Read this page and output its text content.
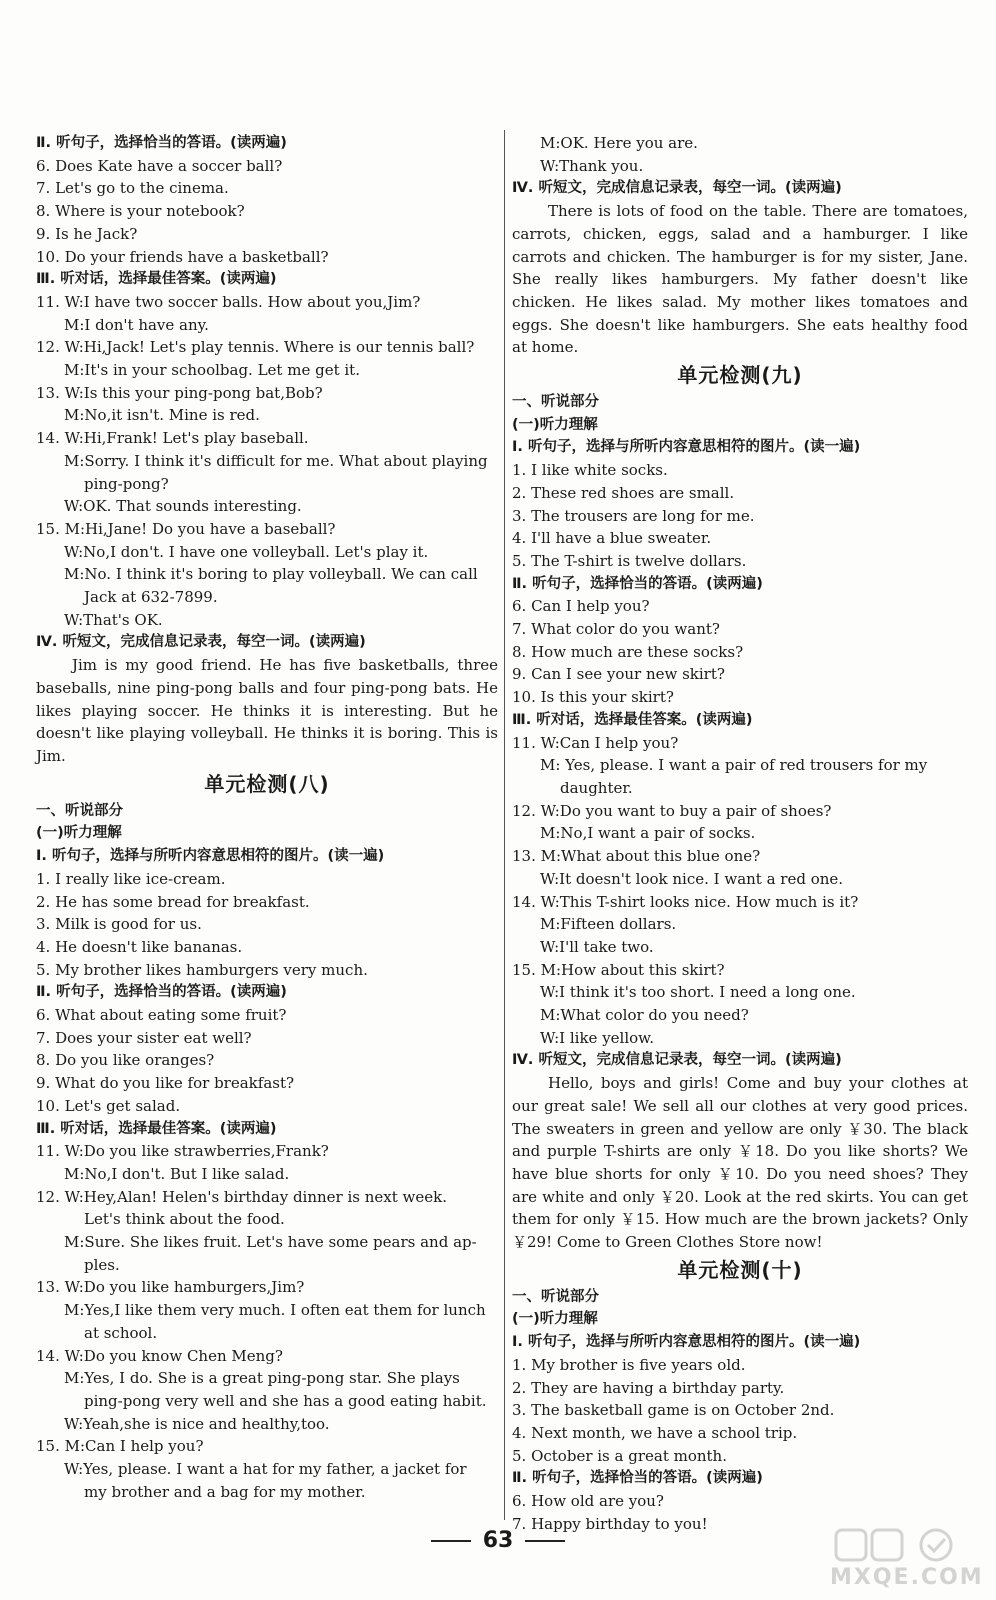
Ⅱ. 听句子，选择恰当的答语。(读两遍)
6. Does Kate have a soccer ball?
7. Let's go to the cinema.
8. Where is your notebook?
9. Is he Jack?
10. Do your friends have a basketball?
Ⅲ. 听对话，选择最佳答案。(读两遍)
11. W:I have two soccer balls. How about you,Jim?
M:I don't have any.
12. W:Hi,Jack! Let's play tennis. Where is our tennis ball?
M:It's in your schoolbag. Let me get it.
13. W:Is this your ping-pong bat,Bob?
M:No,it isn't. Mine is red.
14. W:Hi,Frank! Let's play baseball.
M:Sorry. I think it's difficult for me. What about playing
ping-pong?
W:OK. That sounds interesting.
15. M:Hi,Jane! Do you have a baseball?
W:No,I don't. I have one volleyball. Let's play it.
M:No. I think it's boring to play volleyball. We can call
Jack at 632-7899.
W:That's OK.
Ⅳ. 听短文，完成信息记录表，每空一词。(读两遍)
Jim is my good friend. He has five basketballs, three baseballs, nine ping-pong balls and four ping-pong bats. He likes playing soccer. He thinks it is interesting. But he doesn't like playing volleyball. He thinks it is boring. This is Jim.
单元检测(八)
一、听说部分
(一)听力理解
Ⅰ. 听句子，选择与所听内容意思相符的图片。(读一遍)
1. I really like ice-cream.
2. He has some bread for breakfast.
3. Milk is good for us.
4. He doesn't like bananas.
5. My brother likes hamburgers very much.
Ⅱ. 听句子，选择恰当的答语。(读两遍)
6. What about eating some fruit?
7. Does your sister eat well?
8. Do you like oranges?
9. What do you like for breakfast?
10. Let's get salad.
Ⅲ. 听对话，选择最佳答案。(读两遍)
11. W:Do you like strawberries,Frank?
M:No,I don't. But I like salad.
12. W:Hey,Alan! Helen's birthday dinner is next week.
Let's think about the food.
M:Sure. She likes fruit. Let's have some pears and ap-
ples.
13. W:Do you like hamburgers,Jim?
M:Yes,I like them very much. I often eat them for lunch
at school.
14. W:Do you know Chen Meng?
M:Yes, I do. She is a great ping-pong star. She plays
ping-pong very well and she has a good eating habit.
W:Yeah,she is nice and healthy,too.
15. M:Can I help you?
W:Yes, please. I want a hat for my father, a jacket for
my brother and a bag for my mother.
M:OK. Here you are.
W:Thank you.
Ⅳ. 听短文，完成信息记录表，每空一词。(读两遍)
There is lots of food on the table. There are tomatoes, carrots, chicken, eggs, salad and a hamburger. I like carrots and chicken. The hamburger is for my sister, Jane. She really likes hamburgers. My father doesn't like chicken. He likes salad. My mother likes tomatoes and eggs. She doesn't like hamburgers. She eats healthy food at home.
单元检测(九)
一、听说部分
(一)听力理解
Ⅰ. 听句子，选择与所听内容意思相符的图片。(读一遍)
1. I like white socks.
2. These red shoes are small.
3. The trousers are long for me.
4. I'll have a blue sweater.
5. The T-shirt is twelve dollars.
Ⅱ. 听句子，选择恰当的答语。(读两遍)
6. Can I help you?
7. What color do you want?
8. How much are these socks?
9. Can I see your new skirt?
10. Is this your skirt?
Ⅲ. 听对话，选择最佳答案。(读两遍)
11. W:Can I help you?
M: Yes, please. I want a pair of red trousers for my
daughter.
12. W:Do you want to buy a pair of shoes?
M:No,I want a pair of socks.
13. M:What about this blue one?
W:It doesn't look nice. I want a red one.
14. W:This T-shirt looks nice. How much is it?
M:Fifteen dollars.
W:I'll take two.
15. M:How about this skirt?
W:I think it's too short. I need a long one.
M:What color do you need?
W:I like yellow.
Ⅳ. 听短文，完成信息记录表，每空一词。(读两遍)
Hello, boys and girls! Come and buy your clothes at our great sale! We sell all our clothes at very good prices. The sweaters in green and yellow are only ￥30. The black and purple T-shirts are only ￥18. Do you like shorts? We have blue shorts for only ￥10. Do you need shoes? They are white and only ￥20. Look at the red skirts. You can get them for only ￥15. How much are the brown jackets? Only ￥29! Come to Green Clothes Store now!
单元检测(十)
一、听说部分
(一)听力理解
Ⅰ. 听句子，选择与所听内容意思相符的图片。(读一遍)
1. My brother is five years old.
2. They are having a birthday party.
3. The basketball game is on October 2nd.
4. Next month, we have a school trip.
5. October is a great month.
Ⅱ. 听句子，选择恰当的答语。(读两遍)
6. How old are you?
7. Happy birthday to you!
63
MXQE.COM
